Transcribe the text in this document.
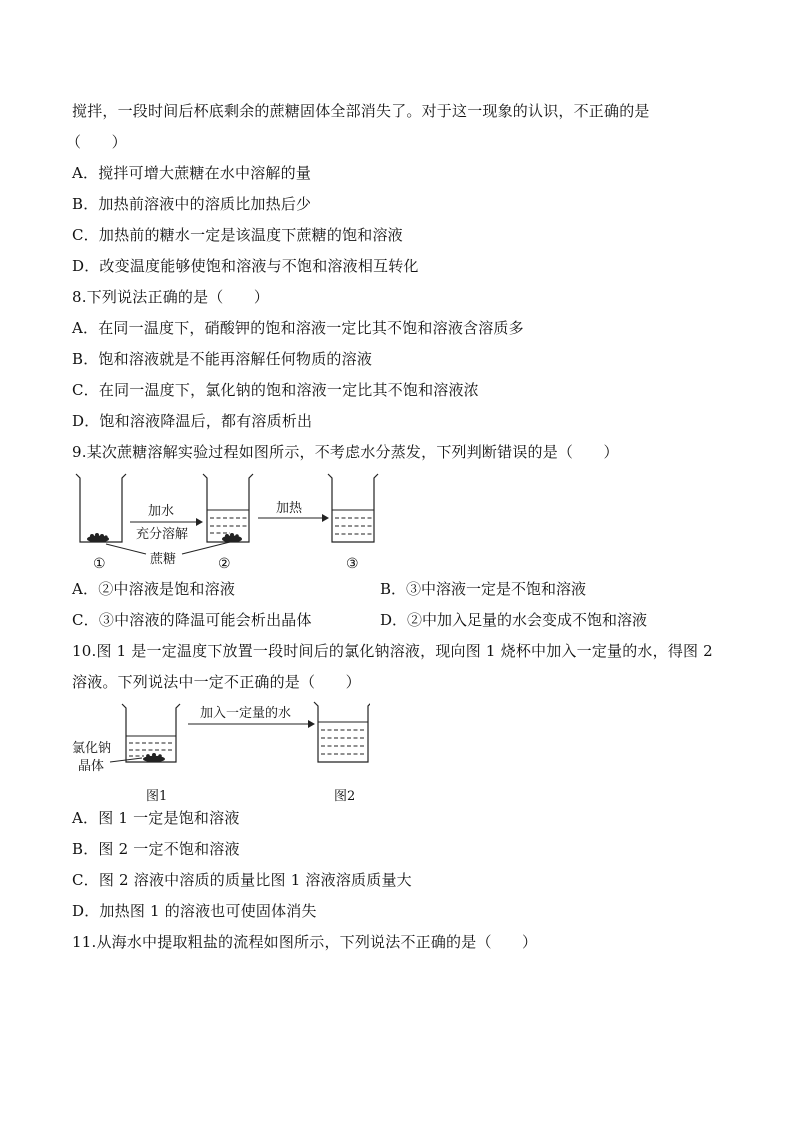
搅拌，一段时间后杯底剩余的蔗糖固体全部消失了。对于这一现象的认识，不正确的是
（　　）
A．搅拌可增大蔗糖在水中溶解的量
B．加热前溶液中的溶质比加热后少
C．加热前的糖水一定是该温度下蔗糖的饱和溶液
D．改变温度能够使饱和溶液与不饱和溶液相互转化
8.下列说法正确的是（　　）
A．在同一温度下，硝酸钾的饱和溶液一定比其不饱和溶液含溶质多
B．饱和溶液就是不能再溶解任何物质的溶液
C．在同一温度下，氯化钠的饱和溶液一定比其不饱和溶液浓
D．饱和溶液降温后，都有溶质析出
9.某次蔗糖溶解实验过程如图所示，不考虑水分蒸发，下列判断错误的是（　　）
加水
充分溶解
加热
蔗糖
①	②	③
A．②中溶液是饱和溶液	B．③中溶液一定是不饱和溶液
C．③中溶液的降温可能会析出晶体	D．②中加入足量的水会变成不饱和溶液
10.图 1 是一定温度下放置一段时间后的氯化钠溶液，现向图 1 烧杯中加入一定量的水，得图 2
溶液。下列说法中一定不正确的是（　　）
氯化钠
晶体
加入一定量的水
图1	图2
A．图 1 一定是饱和溶液
B．图 2 一定不饱和溶液
C．图 2 溶液中溶质的质量比图 1 溶液溶质质量大
D．加热图 1 的溶液也可使固体消失
11.从海水中提取粗盐的流程如图所示，下列说法不正确的是（　　）
